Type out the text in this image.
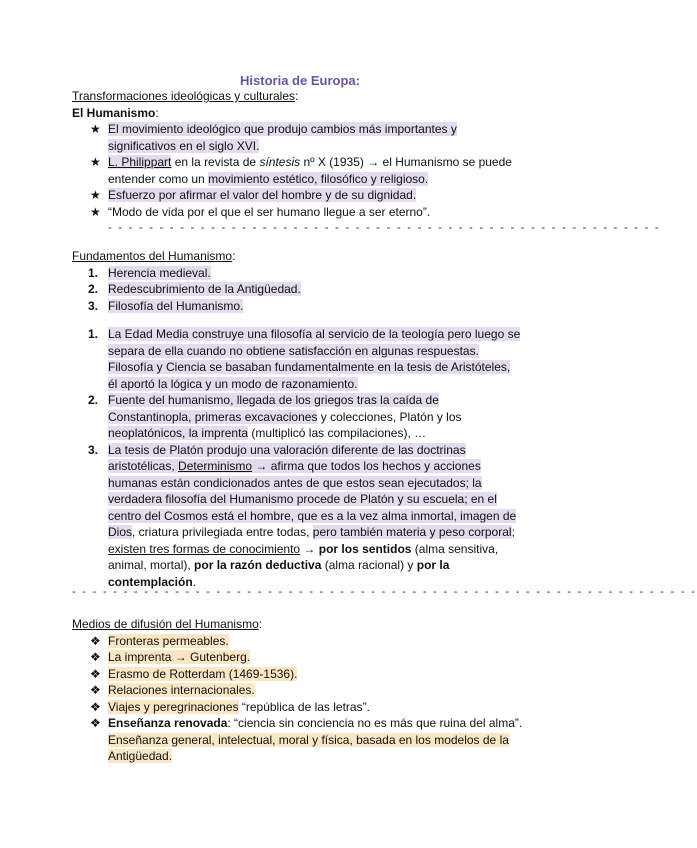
Historia de Europa:
Transformaciones ideológicas y culturales:
El Humanismo:
★ El movimiento ideológico que produjo cambios más importantes y
significativos en el siglo XVI.
★ L. Philippart en la revista de síntesis nº X (1935) → el Humanismo se puede
entender como un movimiento estético, filosófico y religioso.
★ Esfuerzo por afirmar el valor del hombre y de su dignidad.
★ “Modo de vida por el que el ser humano llegue a ser eterno”.
- - - - - - - - - - - - - - - - - - - - - - - - - - - - - - - - - - - - - - - - - - - - - - - - - - - - - -
Fundamentos del Humanismo:
1. Herencia medieval.
2. Redescubrimiento de la Antigüedad.
3. Filosofía del Humanismo.
1. La Edad Media construye una filosofía al servicio de la teología pero luego se
separa de ella cuando no obtiene satisfacción en algunas respuestas.
Filosofía y Ciencia se basaban fundamentalmente en la tesis de Aristóteles,
él aportó la lógica y un modo de razonamiento.
2. Fuente del humanismo, llegada de los griegos tras la caída de
Constantinopla, primeras excavaciones y colecciones, Platón y los
neoplatónicos, la imprenta (multiplicó las compilaciones), …
3. La tesis de Platón produjo una valoración diferente de las doctrinas
aristotélicas, Determinismo → afirma que todos los hechos y acciones
humanas están condicionados antes de que estos sean ejecutados; la
verdadera filosofía del Humanismo procede de Platón y su escuela; en el
centro del Cosmos está el hombre, que es a la vez alma inmortal, imagen de
Dios, criatura privilegiada entre todas, pero también materia y peso corporal;
existen tres formas de conocimiento → por los sentidos (alma sensitiva,
animal, mortal), por la razón deductiva (alma racional) y por la
contemplación.
- - - - - - - - - - - - - - - - - - - - - - - - - - - - - - - - - - - - - - - - - - - - - - - - - - - - - - - - - - - - -
Medios de difusión del Humanismo:
❖ Fronteras permeables.
❖ La imprenta → Gutenberg.
❖ Erasmo de Rotterdam (1469-1536).
❖ Relaciones internacionales.
❖ Viajes y peregrinaciones “república de las letras”.
❖ Enseñanza renovada: “ciencia sin conciencia no es más que ruina del alma”.
Enseñanza general, intelectual, moral y física, basada en los modelos de la
Antigüedad.
